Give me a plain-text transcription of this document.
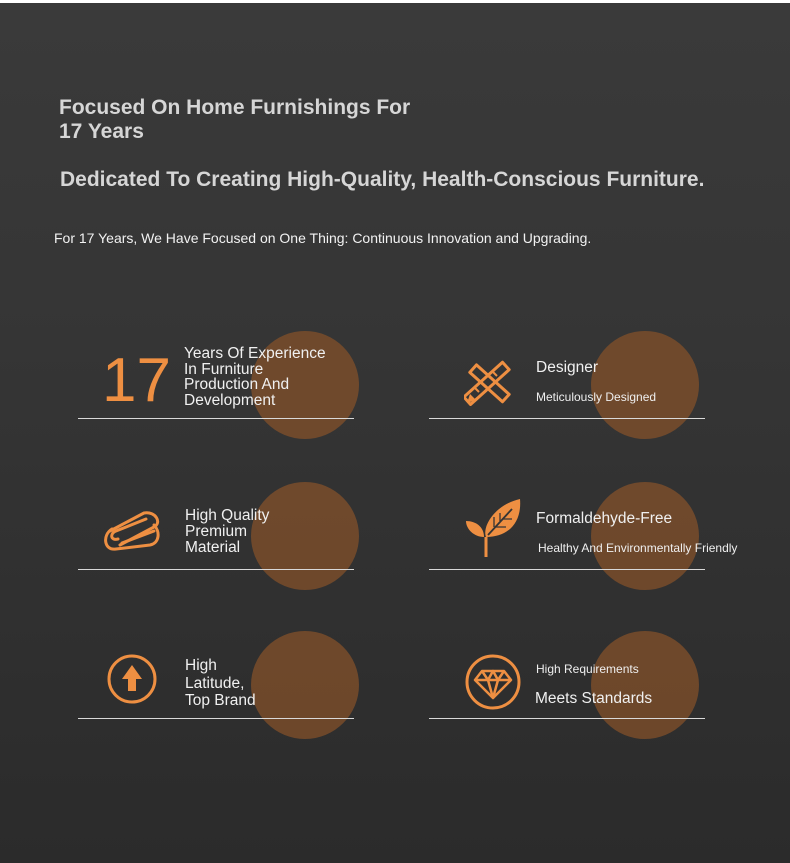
Focused On Home Furnishings For
17 Years
Dedicated To Creating High-Quality, Health-Conscious Furniture.
For 17 Years, We Have Focused on One Thing: Continuous Innovation and Upgrading.
17 Years Of Experience
In Furniture
Production And
Development
Designer
Meticulously Designed
High Quality
Premium
Material
Formaldehyde-Free
Healthy And Environmentally Friendly
High
Latitude,
Top Brand
High Requirements
Meets Standards
